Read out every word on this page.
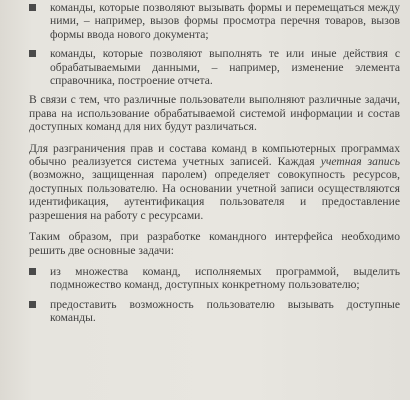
команды, которые позволяют вызывать формы и перемещаться между ними, – например, вызов формы просмотра перечня товаров, вызов формы ввода нового документа;
команды, которые позволяют выполнять те или иные действия с обрабатываемыми данными, – например, изменение элемента справочника, построение отчета.

В связи с тем, что различные пользователи выполняют различные задачи, права на использование обрабатываемой системой информации и состав доступных команд для них будут различаться.

Для разграничения прав и состава команд в компьютерных программах обычно реализуется система учетных записей. Каждая учетная запись (возможно, защищенная паролем) определяет совокупность ресурсов, доступных пользователю. На основании учетной записи осуществляются идентификация, аутентификация пользователя и предоставление разрешения на работу с ресурсами.

Таким образом, при разработке командного интерфейса необходимо решить две основные задачи:

из множества команд, исполняемых программой, выделить подмножество команд, доступных конкретному пользователю;
предоставить возможность пользователю вызывать доступные команды.
